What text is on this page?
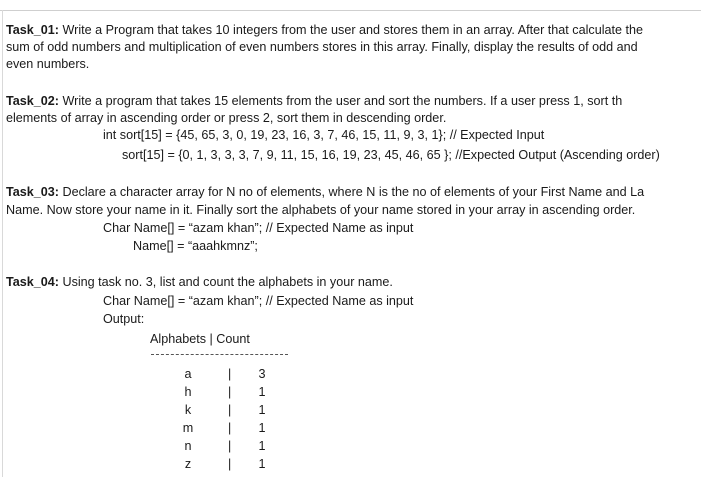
Task_01: Write a Program that takes 10 integers from the user and stores them in an array. After that calculate the
sum of odd numbers and multiplication of even numbers stores in this array. Finally, display the results of odd and
even numbers.
Task_02: Write a program that takes 15 elements from the user and sort the numbers. If a user press 1, sort th
elements of array in ascending order or press 2, sort them in descending order.
int sort[15] = {45, 65, 3, 0, 19, 23, 16, 3, 7, 46, 15, 11, 9, 3, 1}; // Expected Input
sort[15] = {0, 1, 3, 3, 3, 7, 9, 11, 15, 16, 19, 23, 45, 46, 65 }; //Expected Output (Ascending order)
Task_03: Declare a character array for N no of elements, where N is the no of elements of your First Name and La
Name. Now store your name in it. Finally sort the alphabets of your name stored in your array in ascending order.
Char Name[] = “azam khan”; // Expected Name as input
Name[] = “aaahkmnz”;
Task_04: Using task no. 3, list and count the alphabets in your name.
Char Name[] = “azam khan”; // Expected Name as input
Output:
Alphabets | Count
a	| 3
h	| 1
k	| 1
m	| 1
n	| 1
z	| 1
